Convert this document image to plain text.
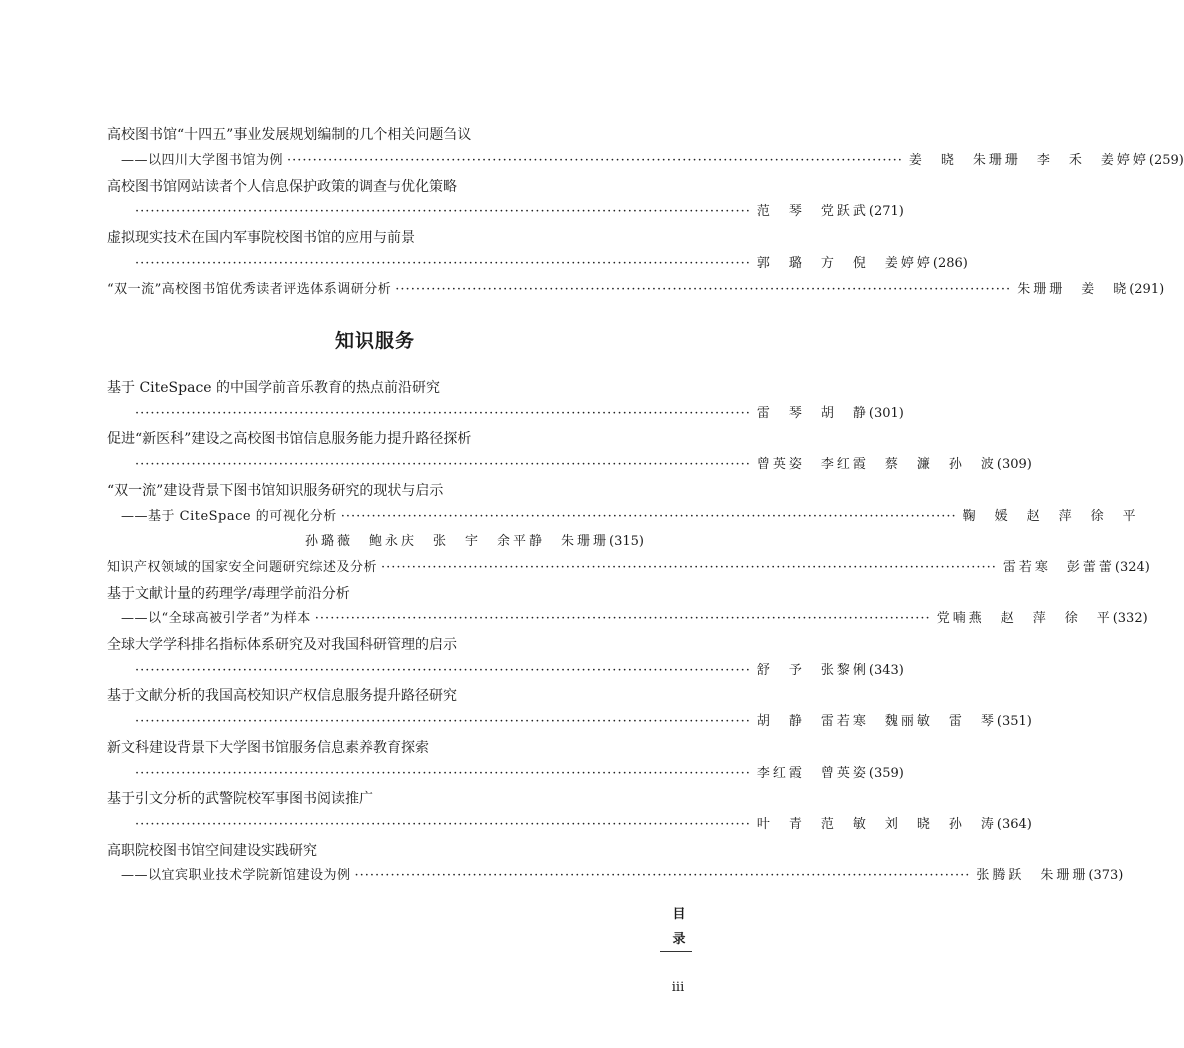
高校图书馆“十四五”事业发展规划编制的几个相关问题刍议
——以四川大学图书馆为例 ························································································································ 姜　晓　朱珊珊　李　禾　姜婷婷 (259)
高校图书馆网站读者个人信息保护政策的调查与优化策略
························································································································ 范　琴　党跃武 (271)
虚拟现实技术在国内军事院校图书馆的应用与前景
························································································································ 郭　璐　方　倪　姜婷婷 (286)
“双一流”高校图书馆优秀读者评选体系调研分析 ························································································································ 朱珊珊　姜　晓 (291)
基于 CiteSpace 的中国学前音乐教育的热点前沿研究
························································································································ 雷　琴　胡　静 (301)
促进“新医科”建设之高校图书馆信息服务能力提升路径探析
························································································································ 曾英姿　李红霞　蔡　濂　孙　波 (309)
“双一流”建设背景下图书馆知识服务研究的现状与启示
——基于 CiteSpace 的可视化分析 ························································································································ 鞠　媛　赵　萍　徐　平
孙璐薇　鲍永庆　张　宇　余平静　朱珊珊 (315)
知识产权领域的国家安全问题研究综述及分析 ························································································································ 雷若寒　彭蕾蕾 (324)
基于文献计量的药理学/毒理学前沿分析
——以“全球高被引学者”为样本 ························································································································ 党喃燕　赵　萍　徐　平 (332)
全球大学学科排名指标体系研究及对我国科研管理的启示
························································································································ 舒　予　张黎俐 (343)
基于文献分析的我国高校知识产权信息服务提升路径研究
························································································································ 胡　静　雷若寒　魏丽敏　雷　琴 (351)
新文科建设背景下大学图书馆服务信息素养教育探索
························································································································ 李红霞　曾英姿 (359)
基于引文分析的武警院校军事图书阅读推广
························································································································ 叶　青　范　敏　刘　晓　孙　涛 (364)
高职院校图书馆空间建设实践研究
——以宜宾职业技术学院新馆建设为例 ························································································································ 张腾跃　朱珊珊 (373)
知识服务
目
录
iii
